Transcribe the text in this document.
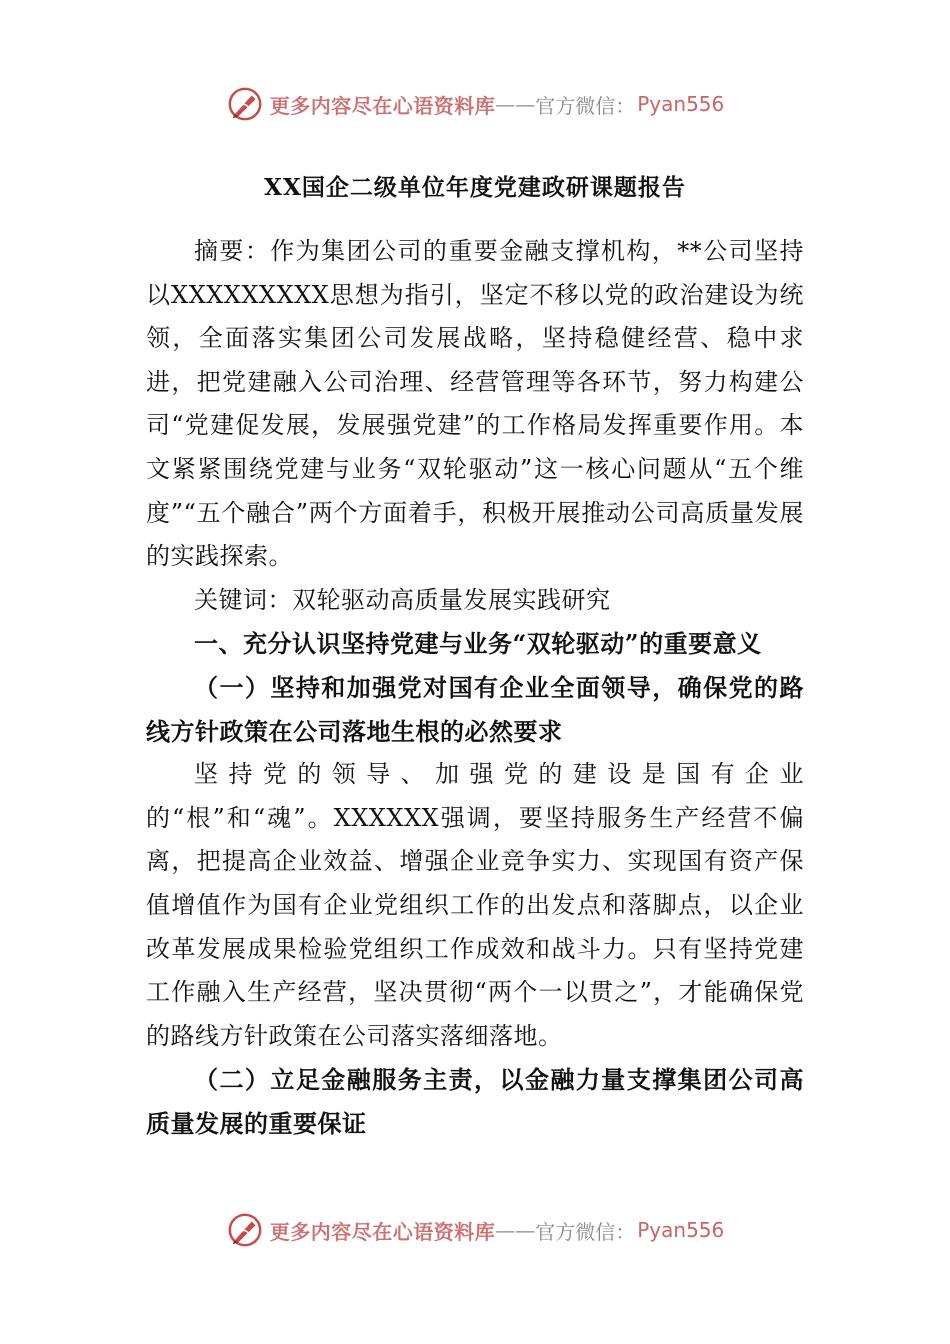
更多内容尽在心语资料库 —— 官方微信： Pyan556
XX国企二级单位年度党建政研课题报告

摘要：作为集团公司的重要金融支撑机构，**公司坚持以XXXXXXXXX思想为指引，坚定不移以党的政治建设为统领，全面落实集团公司发展战略，坚持稳健经营、稳中求进，把党建融入公司治理、经营管理等各环节，努力构建公司“党建促发展，发展强党建”的工作格局发挥重要作用。本文紧紧围绕党建与业务“双轮驱动”这一核心问题从“五个维度”“五个融合”两个方面着手，积极开展推动公司高质量发展的实践探索。

关键词：双轮驱动高质量发展实践研究

一、充分认识坚持党建与业务“双轮驱动”的重要意义

（一）坚持和加强党对国有企业全面领导，确保党的路线方针政策在公司落地生根的必然要求

坚持党的领导、加强党的建设是国有企业的“根”和“魂”。XXXXXX强调，要坚持服务生产经营不偏离，把提高企业效益、增强企业竞争实力、实现国有资产保值增值作为国有企业党组织工作的出发点和落脚点，以企业改革发展成果检验党组织工作成效和战斗力。只有坚持党建工作融入生产经营，坚决贯彻“两个一以贯之”，才能确保党的路线方针政策在公司落实落细落地。

（二）立足金融服务主责，以金融力量支撑集团公司高质量发展的重要保证

更多内容尽在心语资料库 —— 官方微信： Pyan556
